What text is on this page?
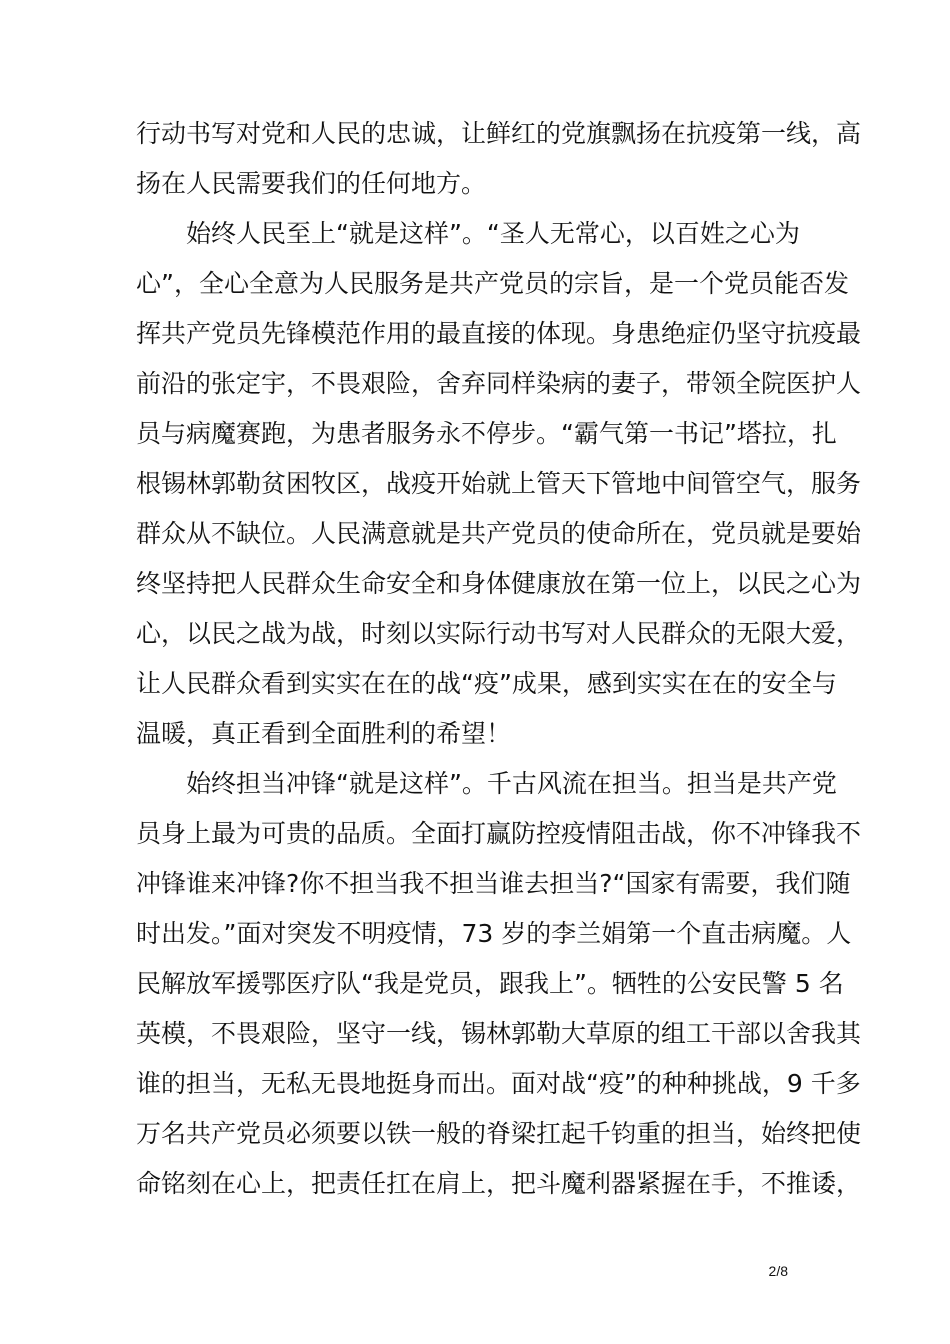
行动书写对党和人民的忠诚，让鲜红的党旗飘扬在抗疫第一线，高
扬在人民需要我们的任何地方。
始终人民至上“就是这样”。“圣人无常心，以百姓之心为
心”，全心全意为人民服务是共产党员的宗旨，是一个党员能否发
挥共产党员先锋模范作用的最直接的体现。身患绝症仍坚守抗疫最
前沿的张定宇，不畏艰险，舍弃同样染病的妻子，带领全院医护人
员与病魔赛跑，为患者服务永不停步。“霸气第一书记”塔拉，扎
根锡林郭勒贫困牧区，战疫开始就上管天下管地中间管空气，服务
群众从不缺位。人民满意就是共产党员的使命所在，党员就是要始
终坚持把人民群众生命安全和身体健康放在第一位上，以民之心为
心，以民之战为战，时刻以实际行动书写对人民群众的无限大爱，
让人民群众看到实实在在的战“疫”成果，感到实实在在的安全与
温暖，真正看到全面胜利的希望！
始终担当冲锋“就是这样”。千古风流在担当。担当是共产党
员身上最为可贵的品质。全面打赢防控疫情阻击战，你不冲锋我不
冲锋谁来冲锋?你不担当我不担当谁去担当?“国家有需要，我们随
时出发。”面对突发不明疫情，73 岁的李兰娟第一个直击病魔。人
民解放军援鄂医疗队“我是党员，跟我上”。牺牲的公安民警 5 名
英模，不畏艰险，坚守一线，锡林郭勒大草原的组工干部以舍我其
谁的担当，无私无畏地挺身而出。面对战“疫”的种种挑战，9 千多
万名共产党员必须要以铁一般的脊梁扛起千钧重的担当，始终把使
命铭刻在心上，把责任扛在肩上，把斗魔利器紧握在手，不推诿，
2/8
